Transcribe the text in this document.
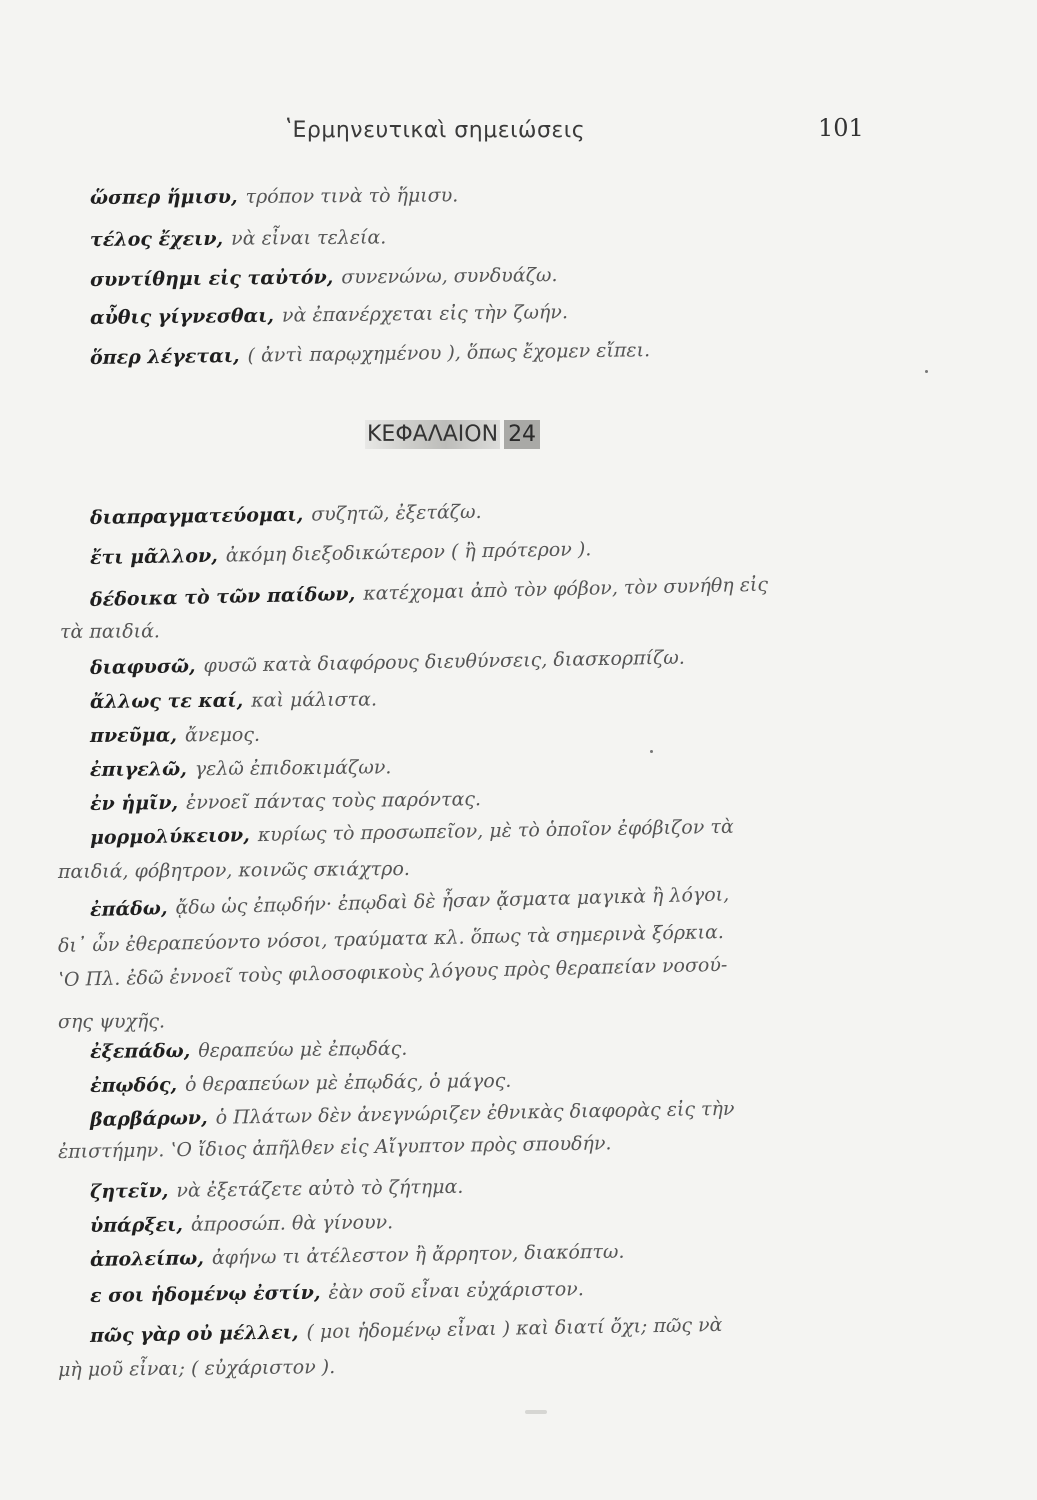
ʽΕρμηνευτικαὶ σημειώσεις	101
ὥσπερ ἥμισυ, τρόπον τινὰ τὸ ἥμισυ.
τέλος ἔχειν, νὰ εἶναι τελεία.
συντίθημι εἰς ταὐτόν, συνενώνω, συνδυάζω.
αὖθις γίγνεσθαι, νὰ ἐπανέρχεται εἰς τὴν ζωήν.
ὅπερ λέγεται, ( ἀντὶ παρῳχημένου ), ὅπως ἔχομεν εἴπει.
ΚΕΦΑΛΑΙΟΝ 24
διαπραγματεύομαι, συζητῶ, ἐξετάζω.
ἔτι μᾶλλον, ἀκόμη διεξοδικώτερον ( ἢ πρότερον ).
δέδοικα τὸ τῶν παίδων, κατέχομαι ἀπὸ τὸν φόβον, τὸν συνήθη εἰς
τὰ παιδιά.
διαφυσῶ, φυσῶ κατὰ διαφόρους διευθύνσεις, διασκορπίζω.
ἄλλως τε καί, καὶ μάλιστα.
πνεῦμα, ἄνεμος.
ἐπιγελῶ, γελῶ ἐπιδοκιμάζων.
ἐν ἡμῖν, ἐννοεῖ πάντας τοὺς παρόντας.
μορμολύκειον, κυρίως τὸ προσωπεῖον, μὲ τὸ ὁποῖον ἐφόβιζον τὰ
παιδιά, φόβητρον, κοινῶς σκιάχτρο.
ἐπάδω, ᾄδω ὡς ἐπῳδήν· ἐπῳδαὶ δὲ ἦσαν ᾄσματα μαγικὰ ἢ λόγοι,
δι᾽ ὧν ἐθεραπεύοντο νόσοι, τραύματα κλ. ὅπως τὰ σημερινὰ ξόρκια.
ʽΟ Πλ. ἐδῶ ἐννοεῖ τοὺς φιλοσοφικοὺς λόγους πρὸς θεραπείαν νοσού-
σης ψυχῆς.
ἐξεπάδω, θεραπεύω μὲ ἐπῳδάς.
ἐπῳδός, ὁ θεραπεύων μὲ ἐπῳδάς, ὁ μάγος.
βαρβάρων, ὁ Πλάτων δὲν ἀνεγνώριζεν ἐθνικὰς διαφορὰς εἰς τὴν
ἐπιστήμην. ʽΟ ἴδιος ἀπῆλθεν εἰς Αἴγυπτον πρὸς σπουδήν.
ζητεῖν, νὰ ἐξετάζετε αὐτὸ τὸ ζήτημα.
ὑπάρξει, ἀπροσώπ. θὰ γίνουν.
ἀπολείπω, ἀφήνω τι ἀτέλεστον ἢ ἄρρητον, διακόπτω.
ε σοι ἡδομένῳ ἐστίν, ἐὰν σοῦ εἶναι εὐχάριστον.
πῶς γὰρ οὐ μέλλει, ( μοι ἡδομένῳ εἶναι ) καὶ διατί ὄχι; πῶς νὰ
μὴ μοῦ εἶναι; ( εὐχάριστον ).
